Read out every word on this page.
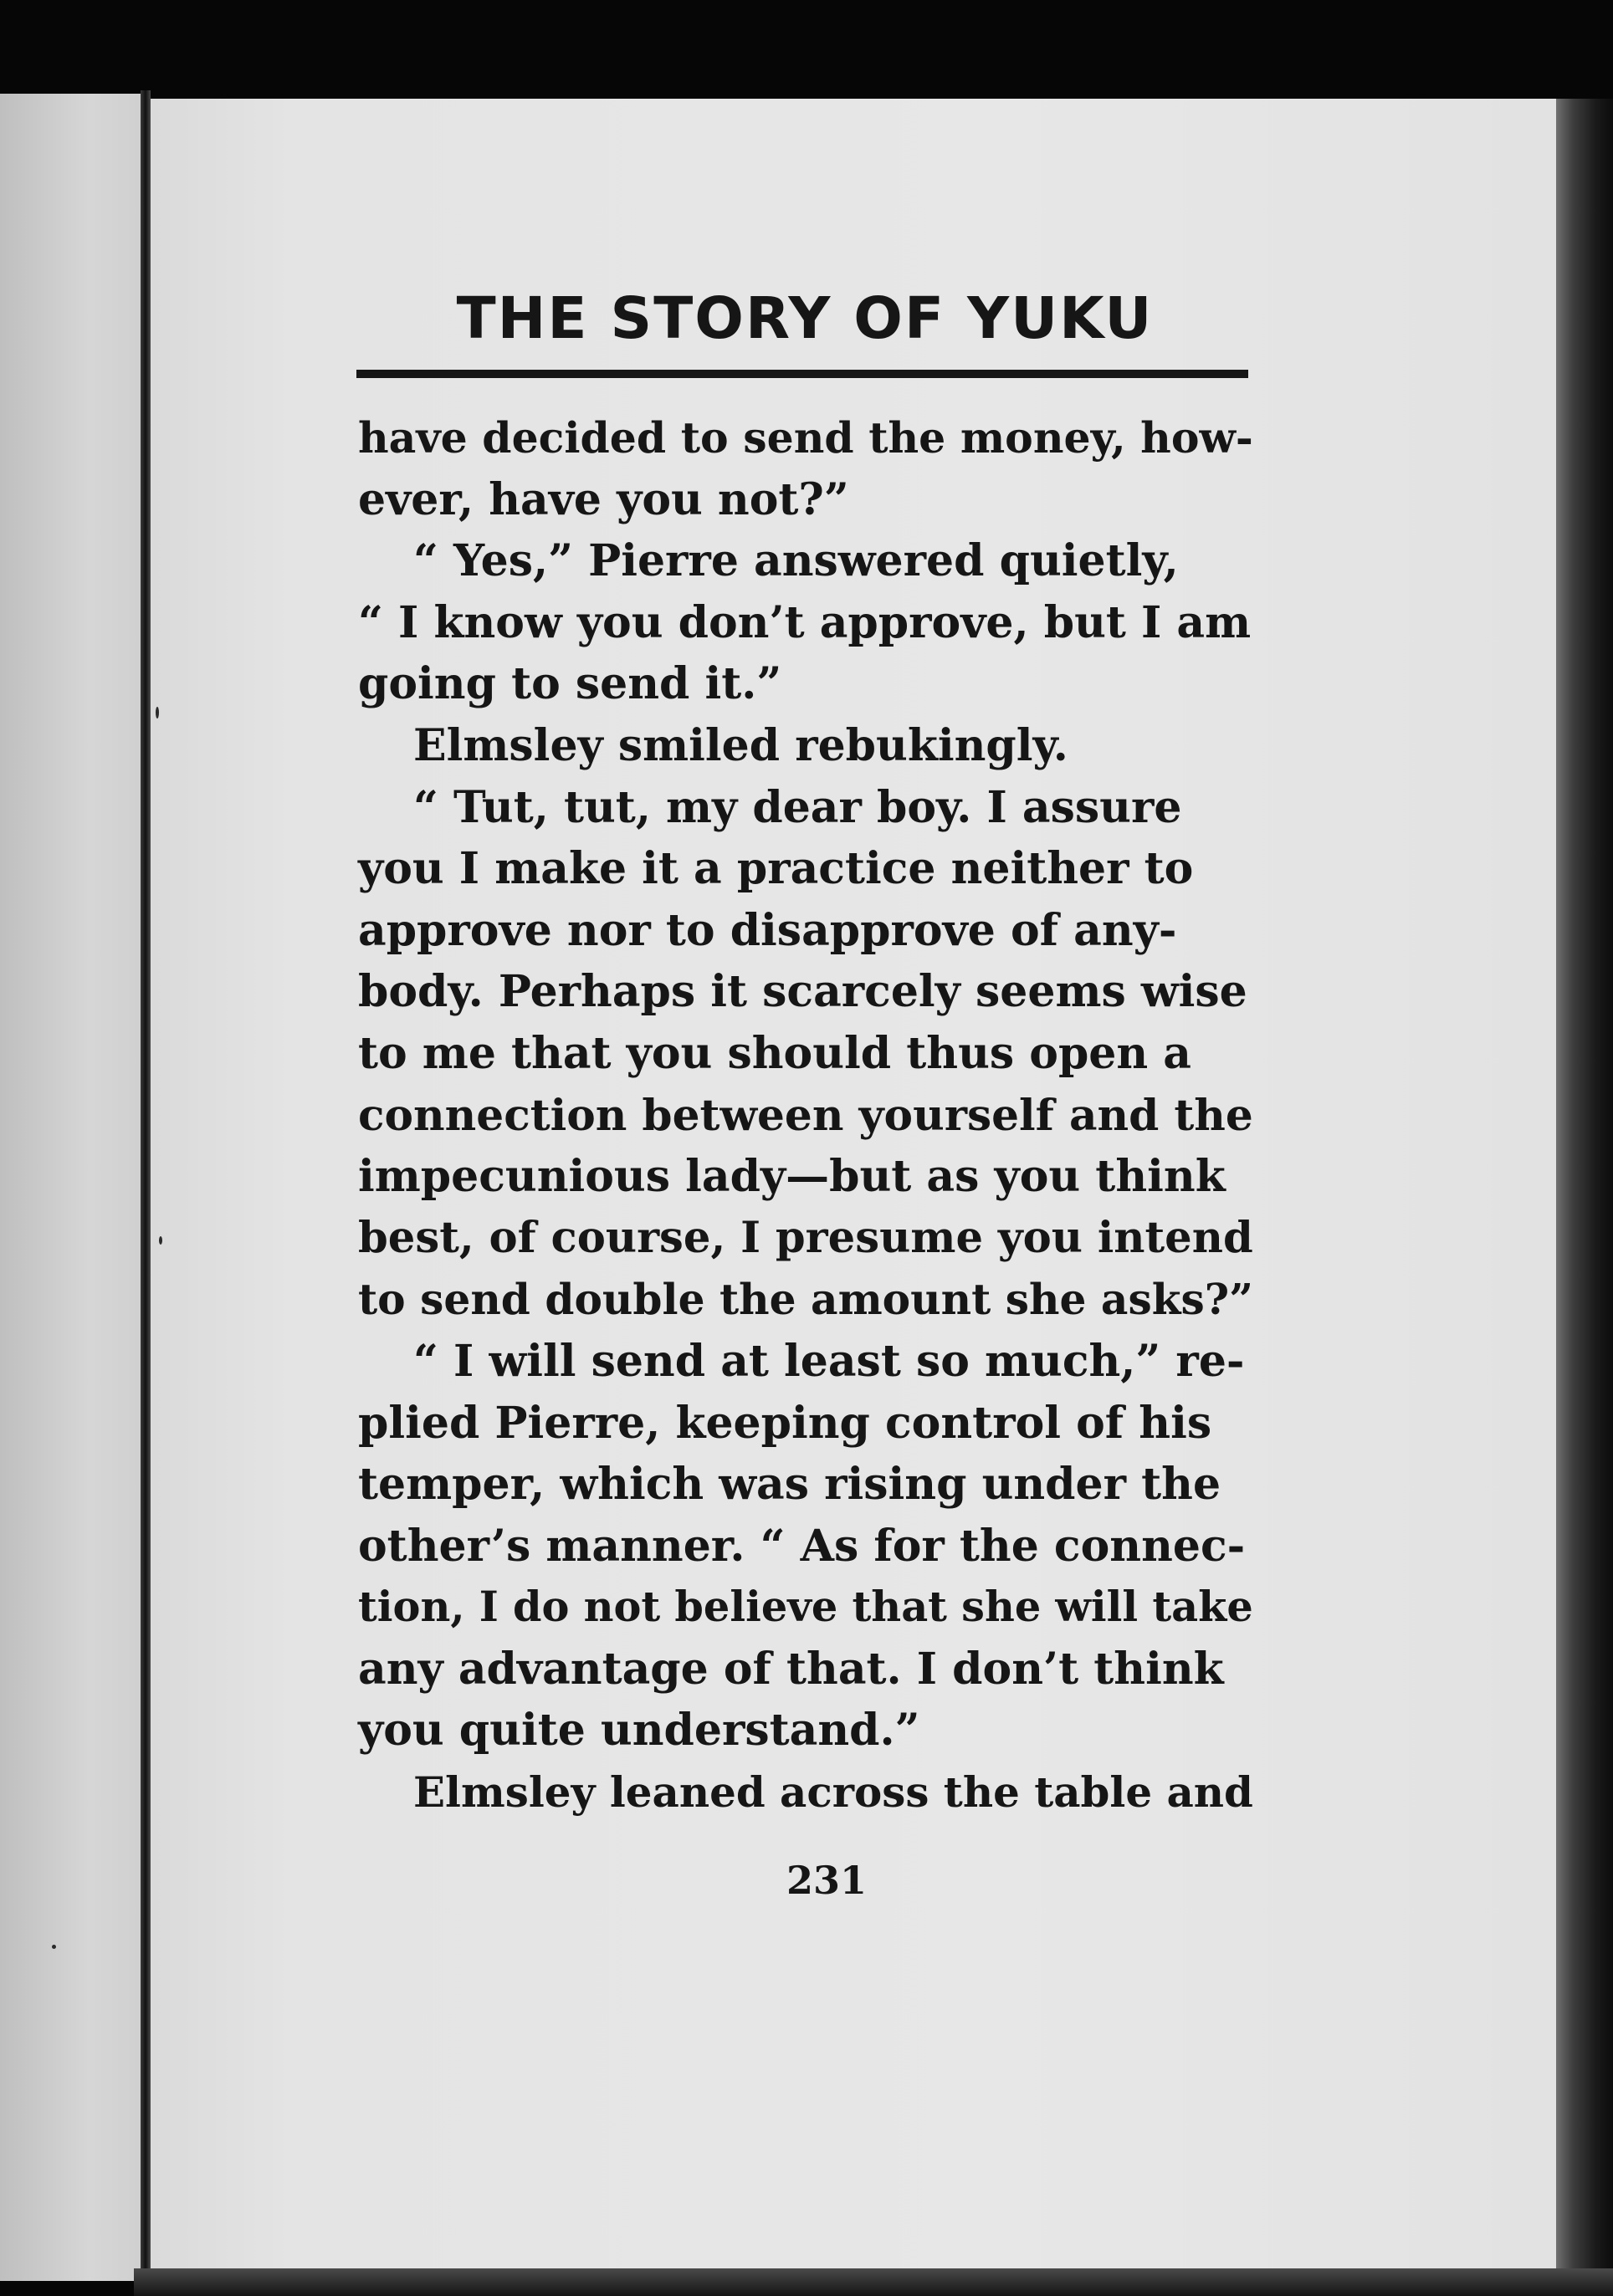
THE STORY OF YUKU
have decided to send the money, how-
ever, have you not?”
“ Yes,” Pierre answered quietly,
“ I know you don’t approve, but I am
going to send it.”
Elmsley smiled rebukingly.
“ Tut, tut, my dear boy. I assure
you I make it a practice neither to
approve nor to disapprove of any-
body. Perhaps it scarcely seems wise
to me that you should thus open a
connection between yourself and the
impecunious lady—but as you think
best, of course, I presume you intend
to send double the amount she asks?”
“ I will send at least so much,” re-
plied Pierre, keeping control of his
temper, which was rising under the
other’s manner. “ As for the connec-
tion, I do not believe that she will take
any advantage of that. I don’t think
you quite understand.”
Elmsley leaned across the table and
231
